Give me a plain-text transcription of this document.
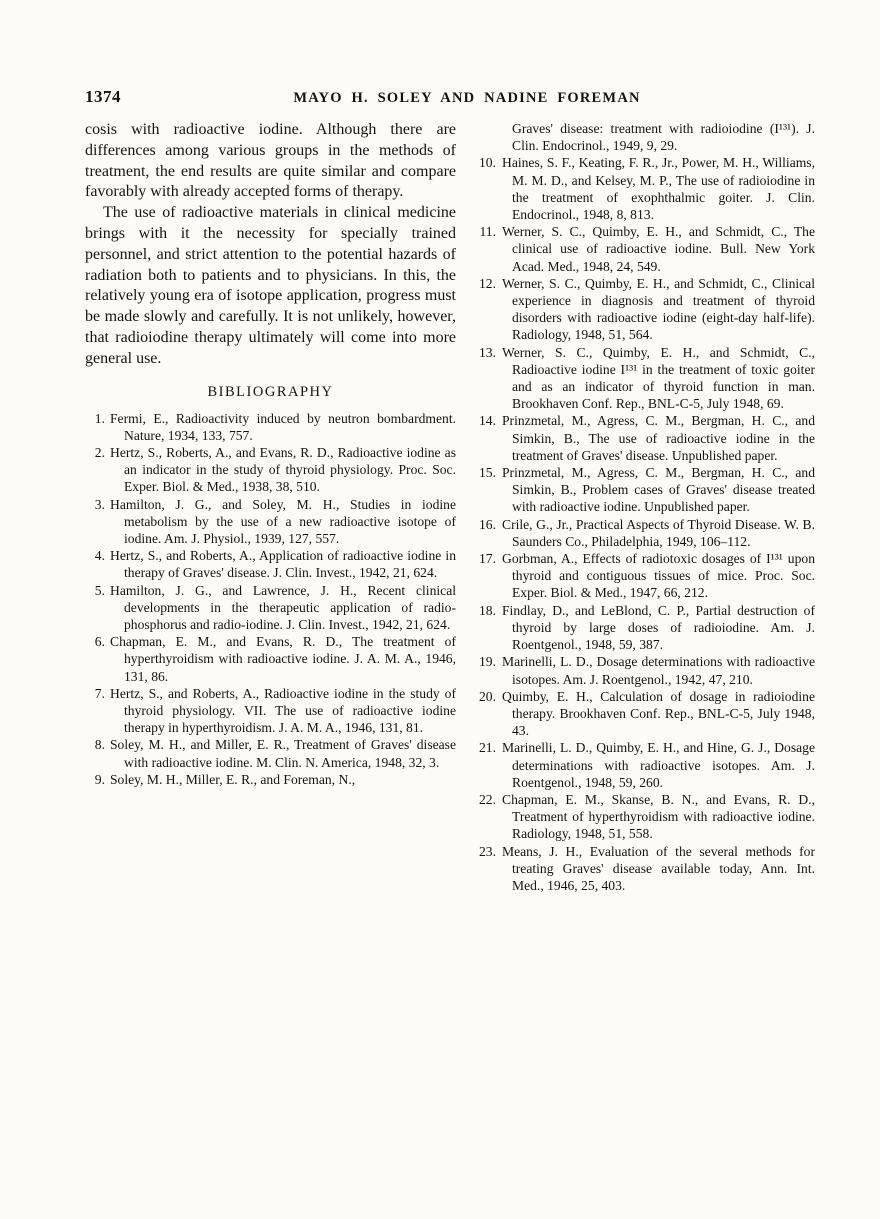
1374	MAYO H. SOLEY AND NADINE FOREMAN

cosis with radioactive iodine. Although there are differences among various groups in the methods of treatment, the end results are quite similar and compare favorably with already accepted forms of therapy.

The use of radioactive materials in clinical medicine brings with it the necessity for specially trained personnel, and strict attention to the potential hazards of radiation both to patients and to physicians. In this, the relatively young era of isotope application, progress must be made slowly and carefully. It is not unlikely, however, that radioiodine therapy ultimately will come into more general use.

BIBLIOGRAPHY

1. Fermi, E., Radioactivity induced by neutron bombardment. Nature, 1934, 133, 757.

2. Hertz, S., Roberts, A., and Evans, R. D., Radioactive iodine as an indicator in the study of thyroid physiology. Proc. Soc. Exper. Biol. & Med., 1938, 38, 510.

3. Hamilton, J. G., and Soley, M. H., Studies in iodine metabolism by the use of a new radioactive isotope of iodine. Am. J. Physiol., 1939, 127, 557.

4. Hertz, S., and Roberts, A., Application of radioactive iodine in therapy of Graves' disease. J. Clin. Invest., 1942, 21, 624.

5. Hamilton, J. G., and Lawrence, J. H., Recent clinical developments in the therapeutic application of radio-phosphorus and radio-iodine. J. Clin. Invest., 1942, 21, 624.

6. Chapman, E. M., and Evans, R. D., The treatment of hyperthyroidism with radioactive iodine. J. A. M. A., 1946, 131, 86.

7. Hertz, S., and Roberts, A., Radioactive iodine in the study of thyroid physiology. VII. The use of radioactive iodine therapy in hyperthyroidism. J. A. M. A., 1946, 131, 81.

8. Soley, M. H., and Miller, E. R., Treatment of Graves' disease with radioactive iodine. M. Clin. N. America, 1948, 32, 3.

9. Soley, M. H., Miller, E. R., and Foreman, N.,

Graves' disease: treatment with radioiodine (I¹³¹). J. Clin. Endocrinol., 1949, 9, 29.

10. Haines, S. F., Keating, F. R., Jr., Power, M. H., Williams, M. M. D., and Kelsey, M. P., The use of radioiodine in the treatment of exophthalmic goiter. J. Clin. Endocrinol., 1948, 8, 813.

11. Werner, S. C., Quimby, E. H., and Schmidt, C., The clinical use of radioactive iodine. Bull. New York Acad. Med., 1948, 24, 549.

12. Werner, S. C., Quimby, E. H., and Schmidt, C., Clinical experience in diagnosis and treatment of thyroid disorders with radioactive iodine (eight-day half-life). Radiology, 1948, 51, 564.

13. Werner, S. C., Quimby, E. H., and Schmidt, C., Radioactive iodine I¹³¹ in the treatment of toxic goiter and as an indicator of thyroid function in man. Brookhaven Conf. Rep., BNL-C-5, July 1948, 69.

14. Prinzmetal, M., Agress, C. M., Bergman, H. C., and Simkin, B., The use of radioactive iodine in the treatment of Graves' disease. Unpublished paper.

15. Prinzmetal, M., Agress, C. M., Bergman, H. C., and Simkin, B., Problem cases of Graves' disease treated with radioactive iodine. Unpublished paper.

16. Crile, G., Jr., Practical Aspects of Thyroid Disease. W. B. Saunders Co., Philadelphia, 1949, 106–112.

17. Gorbman, A., Effects of radiotoxic dosages of I¹³¹ upon thyroid and contiguous tissues of mice. Proc. Soc. Exper. Biol. & Med., 1947, 66, 212.

18. Findlay, D., and LeBlond, C. P., Partial destruction of thyroid by large doses of radioiodine. Am. J. Roentgenol., 1948, 59, 387.

19. Marinelli, L. D., Dosage determinations with radioactive isotopes. Am. J. Roentgenol., 1942, 47, 210.

20. Quimby, E. H., Calculation of dosage in radioiodine therapy. Brookhaven Conf. Rep., BNL-C-5, July 1948, 43.

21. Marinelli, L. D., Quimby, E. H., and Hine, G. J., Dosage determinations with radioactive isotopes. Am. J. Roentgenol., 1948, 59, 260.

22. Chapman, E. M., Skanse, B. N., and Evans, R. D., Treatment of hyperthyroidism with radioactive iodine. Radiology, 1948, 51, 558.

23. Means, J. H., Evaluation of the several methods for treating Graves' disease available today, Ann. Int. Med., 1946, 25, 403.
